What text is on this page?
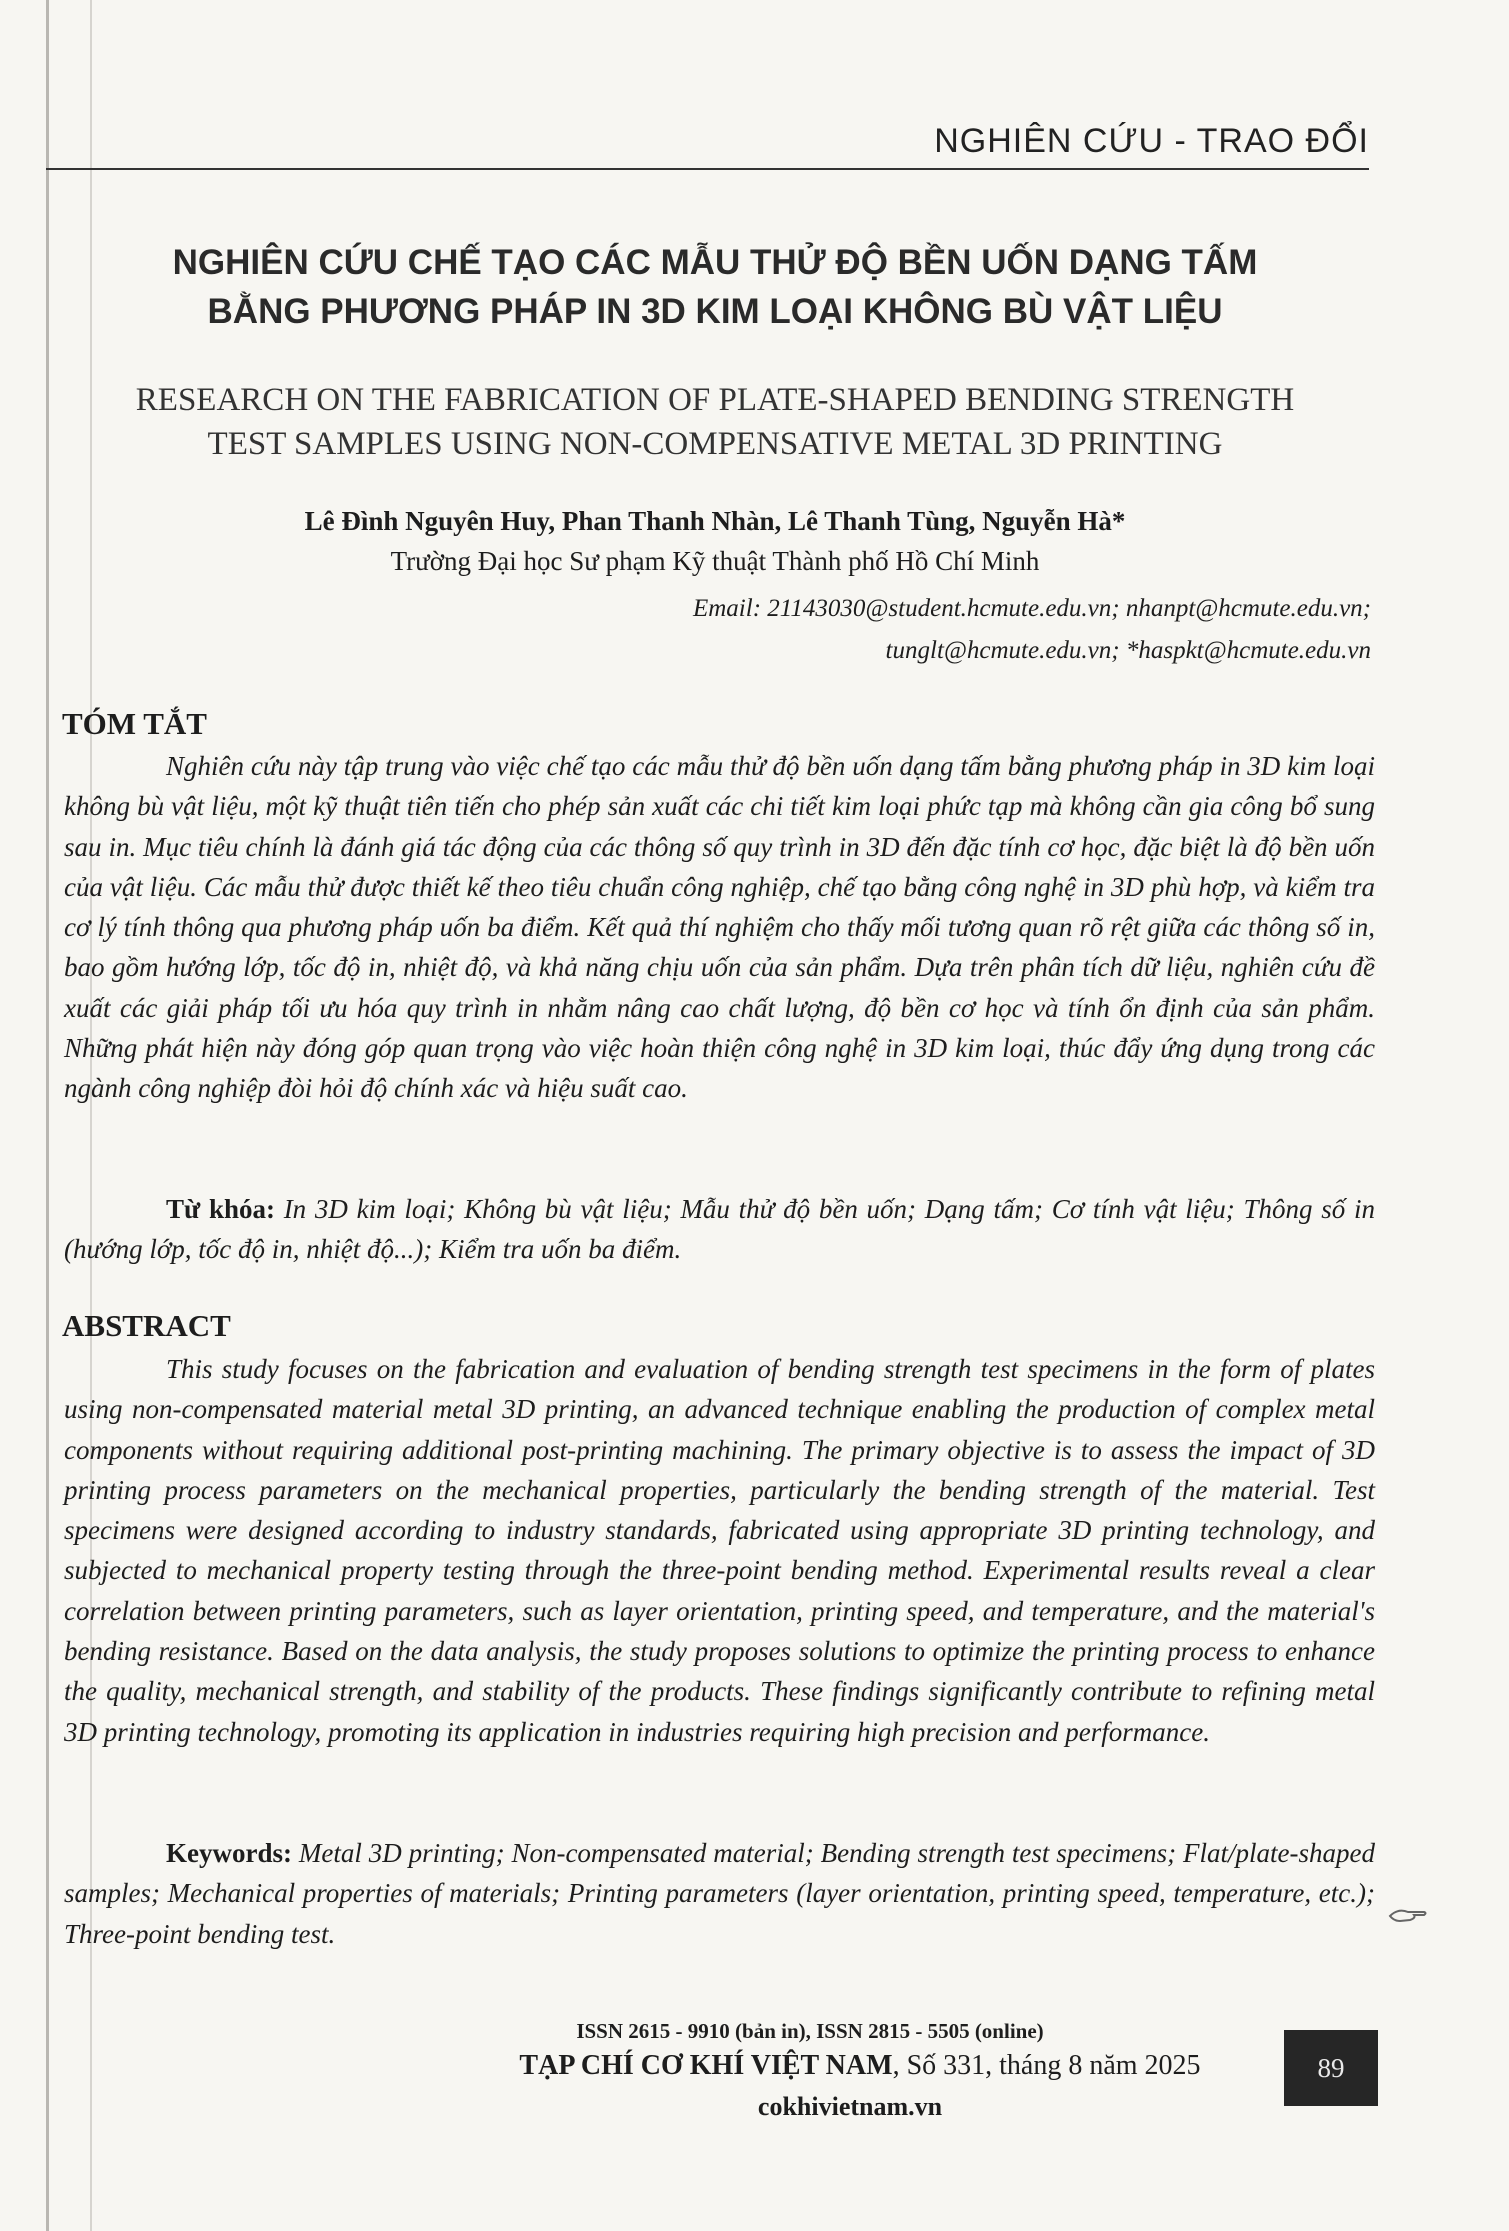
NGHIÊN CỨU - TRAO ĐỔI
NGHIÊN CỨU CHẾ TẠO CÁC MẪU THỬ ĐỘ BỀN UỐN DẠNG TẤM
BẰNG PHƯƠNG PHÁP IN 3D KIM LOẠI KHÔNG BÙ VẬT LIỆU
RESEARCH ON THE FABRICATION OF PLATE-SHAPED BENDING STRENGTH
TEST SAMPLES USING NON-COMPENSATIVE METAL 3D PRINTING
Lê Đình Nguyên Huy, Phan Thanh Nhàn, Lê Thanh Tùng, Nguyễn Hà*
Trường Đại học Sư phạm Kỹ thuật Thành phố Hồ Chí Minh
Email: 21143030@student.hcmute.edu.vn; nhanpt@hcmute.edu.vn;
tunglt@hcmute.edu.vn; *haspkt@hcmute.edu.vn
TÓM TẮT
Nghiên cứu này tập trung vào việc chế tạo các mẫu thử độ bền uốn dạng tấm bằng phương pháp in 3D kim loại không bù vật liệu, một kỹ thuật tiên tiến cho phép sản xuất các chi tiết kim loại phức tạp mà không cần gia công bổ sung sau in. Mục tiêu chính là đánh giá tác động của các thông số quy trình in 3D đến đặc tính cơ học, đặc biệt là độ bền uốn của vật liệu. Các mẫu thử được thiết kế theo tiêu chuẩn công nghiệp, chế tạo bằng công nghệ in 3D phù hợp, và kiểm tra cơ lý tính thông qua phương pháp uốn ba điểm. Kết quả thí nghiệm cho thấy mối tương quan rõ rệt giữa các thông số in, bao gồm hướng lớp, tốc độ in, nhiệt độ, và khả năng chịu uốn của sản phẩm. Dựa trên phân tích dữ liệu, nghiên cứu đề xuất các giải pháp tối ưu hóa quy trình in nhằm nâng cao chất lượng, độ bền cơ học và tính ổn định của sản phẩm. Những phát hiện này đóng góp quan trọng vào việc hoàn thiện công nghệ in 3D kim loại, thúc đẩy ứng dụng trong các ngành công nghiệp đòi hỏi độ chính xác và hiệu suất cao.
Từ khóa: In 3D kim loại; Không bù vật liệu; Mẫu thử độ bền uốn; Dạng tấm; Cơ tính vật liệu; Thông số in (hướng lớp, tốc độ in, nhiệt độ...); Kiểm tra uốn ba điểm.
ABSTRACT
This study focuses on the fabrication and evaluation of bending strength test specimens in the form of plates using non-compensated material metal 3D printing, an advanced technique enabling the production of complex metal components without requiring additional post-printing machining. The primary objective is to assess the impact of 3D printing process parameters on the mechanical properties, particularly the bending strength of the material. Test specimens were designed according to industry standards, fabricated using appropriate 3D printing technology, and subjected to mechanical property testing through the three-point bending method. Experimental results reveal a clear correlation between printing parameters, such as layer orientation, printing speed, and temperature, and the material's bending resistance. Based on the data analysis, the study proposes solutions to optimize the printing process to enhance the quality, mechanical strength, and stability of the products. These findings significantly contribute to refining metal 3D printing technology, promoting its application in industries requiring high precision and performance.
Keywords: Metal 3D printing; Non-compensated material; Bending strength test specimens; Flat/plate-shaped samples; Mechanical properties of materials; Printing parameters (layer orientation, printing speed, temperature, etc.); Three-point bending test.
ISSN 2615 - 9910 (bản in), ISSN 2815 - 5505 (online)
TẠP CHÍ CƠ KHÍ VIỆT NAM, Số 331, tháng 8 năm 2025
cokhivietnam.vn
89
